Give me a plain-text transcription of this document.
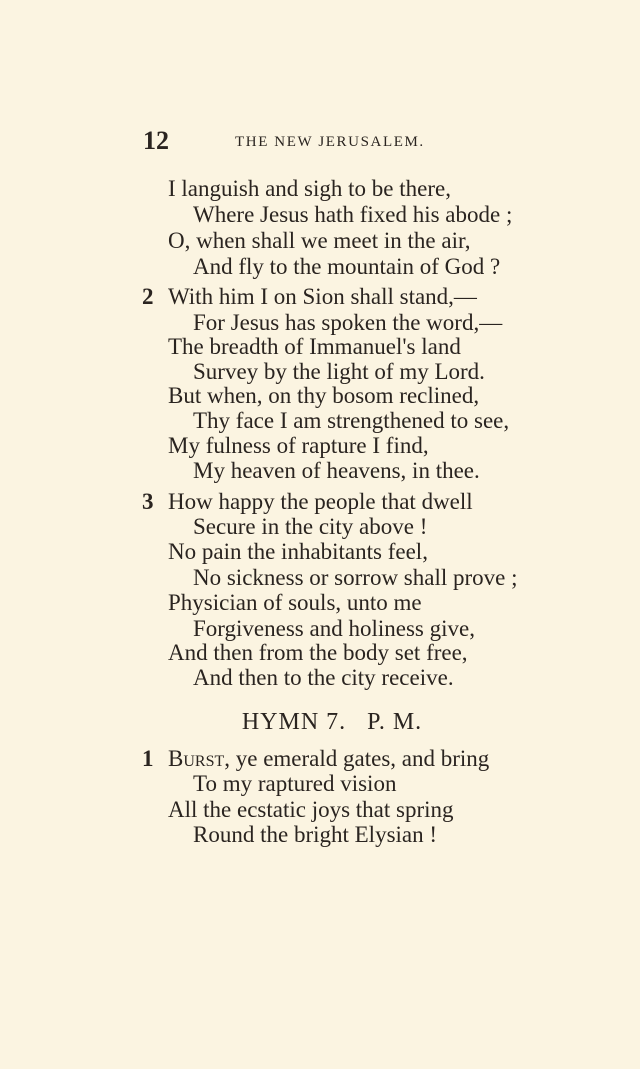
12	THE NEW JERUSALEM.
I languish and sigh to be there,
Where Jesus hath fixed his abode ;
O, when shall we meet in the air,
And fly to the mountain of God ?
2 With him I on Sion shall stand,—
For Jesus has spoken the word,—
The breadth of Immanuel's land
Survey by the light of my Lord.
But when, on thy bosom reclined,
Thy face I am strengthened to see,
My fulness of rapture I find,
My heaven of heavens, in thee.
3 How happy the people that dwell
Secure in the city above !
No pain the inhabitants feel,
No sickness or sorrow shall prove ;
Physician of souls, unto me
Forgiveness and holiness give,
And then from the body set free,
And then to the city receive.
HYMN 7.   P. M.
1 Burst, ye emerald gates, and bring
To my raptured vision
All the ecstatic joys that spring
Round the bright Elysian !
